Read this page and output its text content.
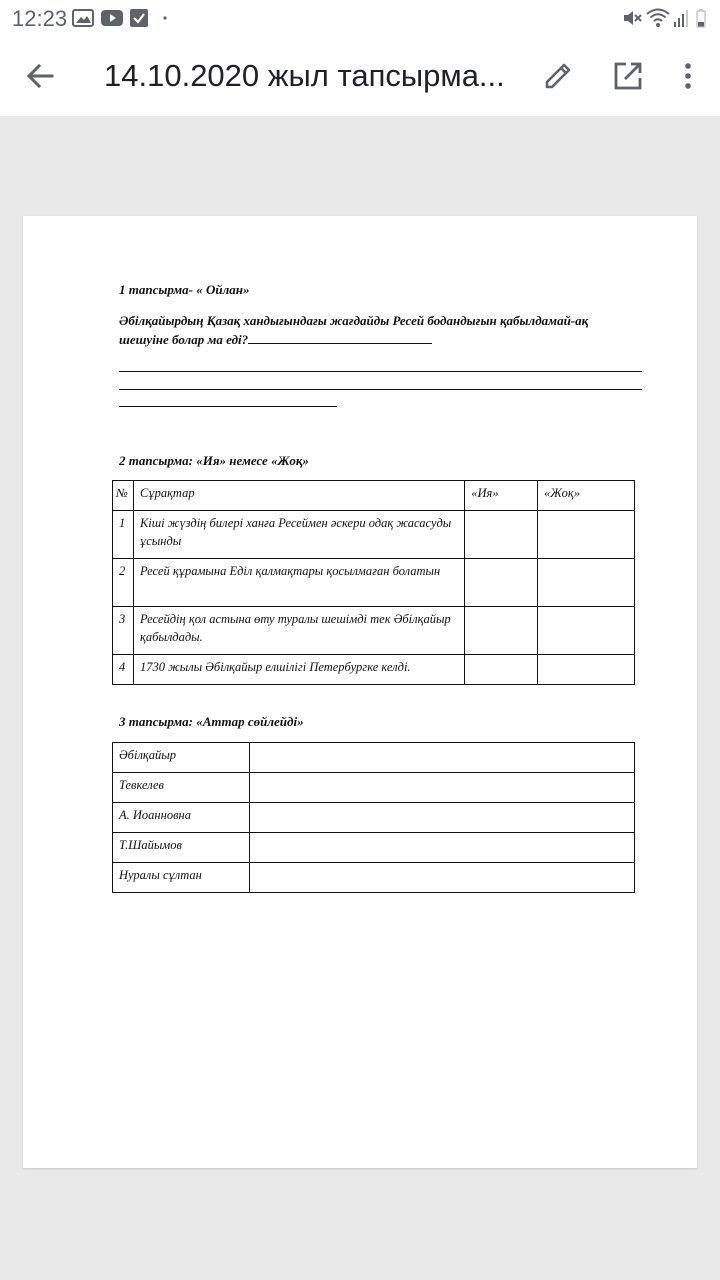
12:23
14.10.2020 жыл тапсырма...
1 тапсырма- « Ойлан»
Әбілқайырдың Қазақ хандығындағы жағдайды Ресей бодандығын қабылдамай-ақ шешуіне болар ма еді?
2 тапсырма: «Ия» немесе «Жоқ»
№	Сұрақтар	«Ия»	«Жоқ»
1	Кіші жүздің билері ханға Ресеймен әскери одақ жасасуды ұсынды		
2	Ресей құрамына Еділ қалмақтары қосылмаған болатын		
3	Ресейдің қол астына өту туралы шешімді тек Әбілқайыр қабылдады.		
4	1730 жылы Әбілқайыр елшілігі Петербургке келді.		
3 тапсырма: «Аттар сөйлейді»
Әбілқайыр	
Тевкелев	
А. Иоанновна	
Т.Шайымов	
Нуралы сұлтан	
